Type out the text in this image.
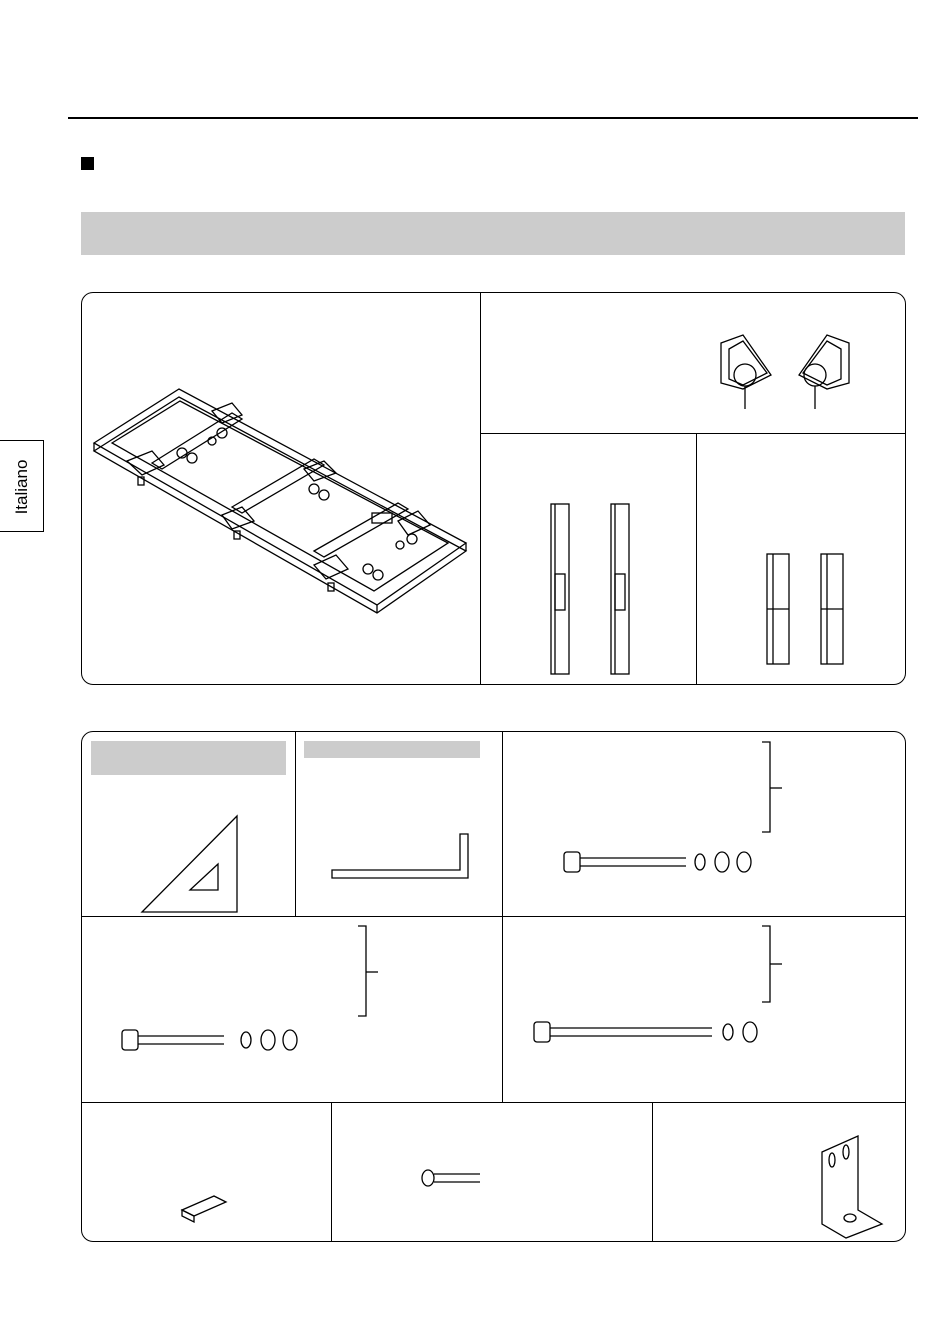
Italiano
